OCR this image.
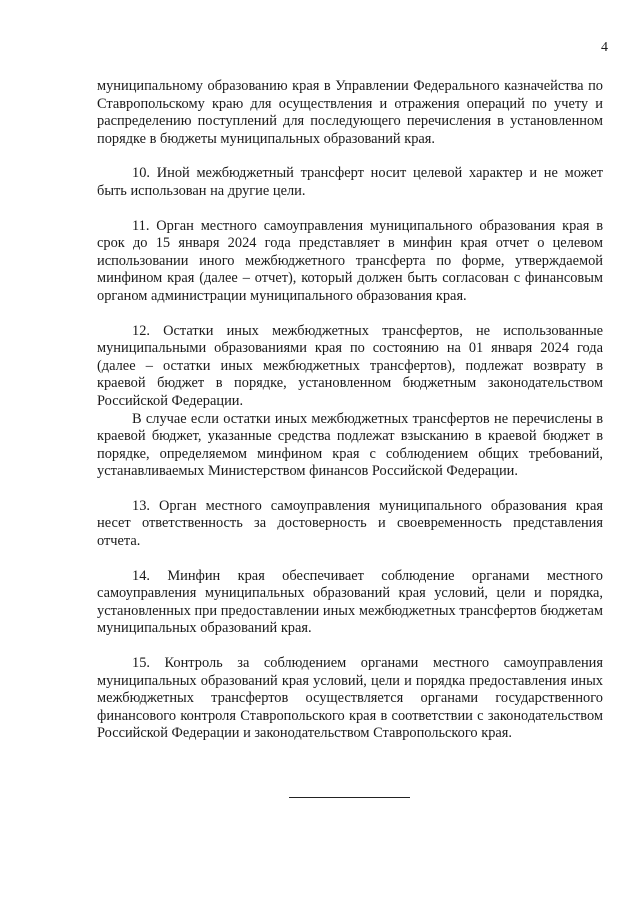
4

муниципальному образованию края в Управлении Федерального казначейства по Ставропольскому краю для осуществления и отражения операций по учету и распределению поступлений для последующего перечисления в установленном порядке в бюджеты муниципальных образований края.

10. Иной межбюджетный трансферт носит целевой характер и не может быть использован на другие цели.

11. Орган местного самоуправления муниципального образования края в срок до 15 января 2024 года представляет в минфин края отчет о целевом использовании иного межбюджетного трансферта по форме, утверждаемой минфином края (далее – отчет), который должен быть согласован с финансовым органом администрации муниципального образования края.

12. Остатки иных межбюджетных трансфертов, не использованные муниципальными образованиями края по состоянию на 01 января 2024 года (далее – остатки иных межбюджетных трансфертов), подлежат возврату в краевой бюджет в порядке, установленном бюджетным законодательством Российской Федерации.

В случае если остатки иных межбюджетных трансфертов не перечислены в краевой бюджет, указанные средства подлежат взысканию в краевой бюджет в порядке, определяемом минфином края с соблюдением общих требований, устанавливаемых Министерством финансов Российской Федерации.

13. Орган местного самоуправления муниципального образования края несет ответственность за достоверность и своевременность представления отчета.

14. Минфин края обеспечивает соблюдение органами местного самоуправления муниципальных образований края условий, цели и порядка, установленных при предоставлении иных межбюджетных трансфертов бюджетам муниципальных образований края.

15. Контроль за соблюдением органами местного самоуправления муниципальных образований края условий, цели и порядка предоставления иных межбюджетных трансфертов осуществляется органами государственного финансового контроля Ставропольского края в соответствии с законодательством Российской Федерации и законодательством Ставропольского края.
